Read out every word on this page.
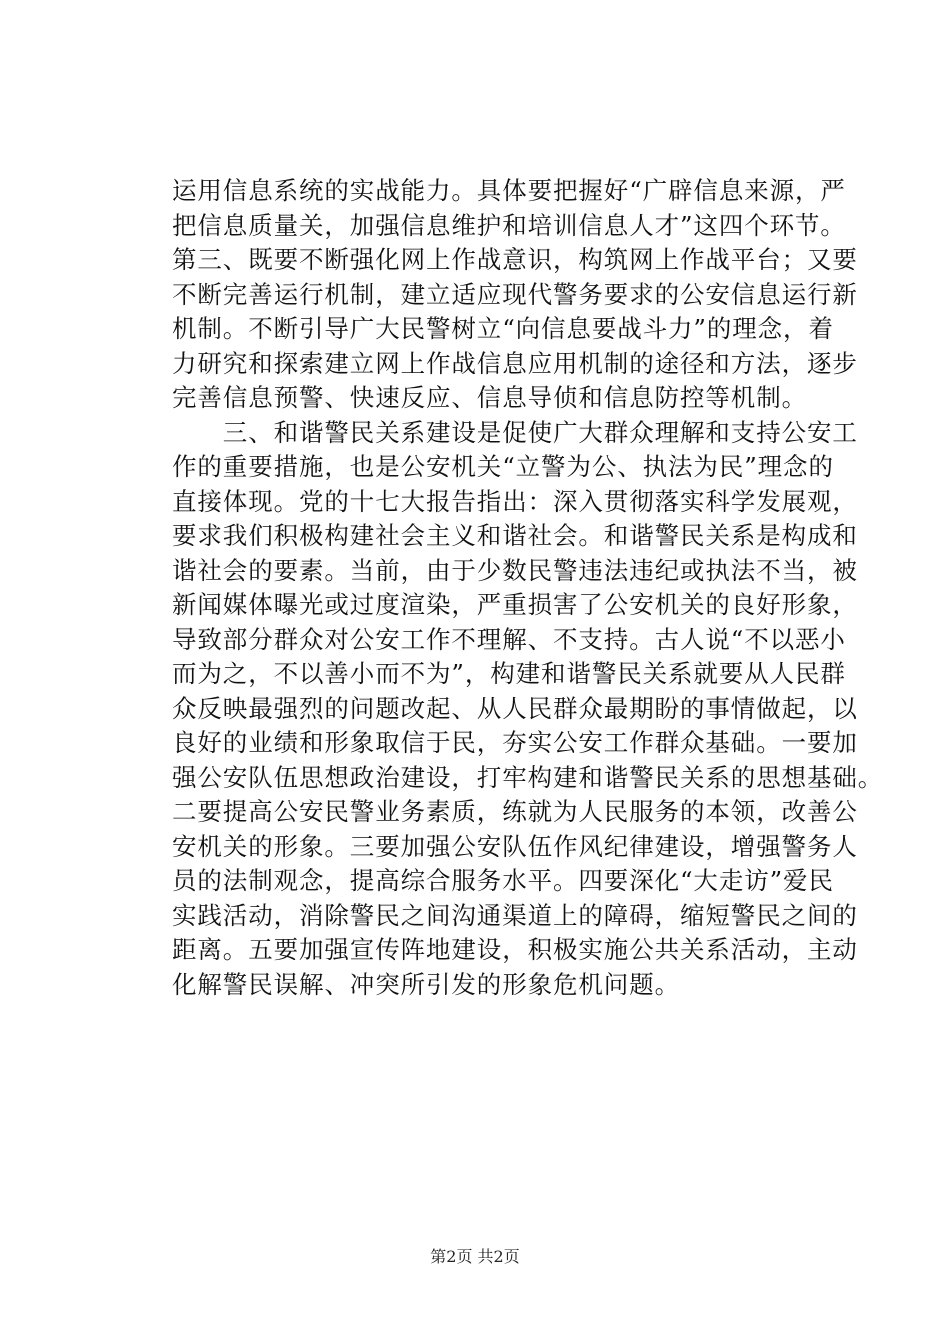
运用信息系统的实战能力。具体要把握好“广辟信息来源，严
把信息质量关，加强信息维护和培训信息人才”这四个环节。
第三、既要不断强化网上作战意识，构筑网上作战平台；又要
不断完善运行机制，建立适应现代警务要求的公安信息运行新
机制。不断引导广大民警树立“向信息要战斗力”的理念，着
力研究和探索建立网上作战信息应用机制的途径和方法，逐步
完善信息预警、快速反应、信息导侦和信息防控等机制。
　　三、和谐警民关系建设是促使广大群众理解和支持公安工
作的重要措施，也是公安机关“立警为公、执法为民”理念的
直接体现。党的十七大报告指出：深入贯彻落实科学发展观，
要求我们积极构建社会主义和谐社会。和谐警民关系是构成和
谐社会的要素。当前，由于少数民警违法违纪或执法不当，被
新闻媒体曝光或过度渲染，严重损害了公安机关的良好形象，
导致部分群众对公安工作不理解、不支持。古人说“不以恶小
而为之，不以善小而不为”，构建和谐警民关系就要从人民群
众反映最强烈的问题改起、从人民群众最期盼的事情做起，以
良好的业绩和形象取信于民，夯实公安工作群众基础。一要加
强公安队伍思想政治建设，打牢构建和谐警民关系的思想基础。
二要提高公安民警业务素质，练就为人民服务的本领，改善公
安机关的形象。三要加强公安队伍作风纪律建设，增强警务人
员的法制观念，提高综合服务水平。四要深化“大走访”爱民
实践活动，消除警民之间沟通渠道上的障碍，缩短警民之间的
距离。五要加强宣传阵地建设，积极实施公共关系活动，主动
化解警民误解、冲突所引发的形象危机问题。
第2页 共2页
